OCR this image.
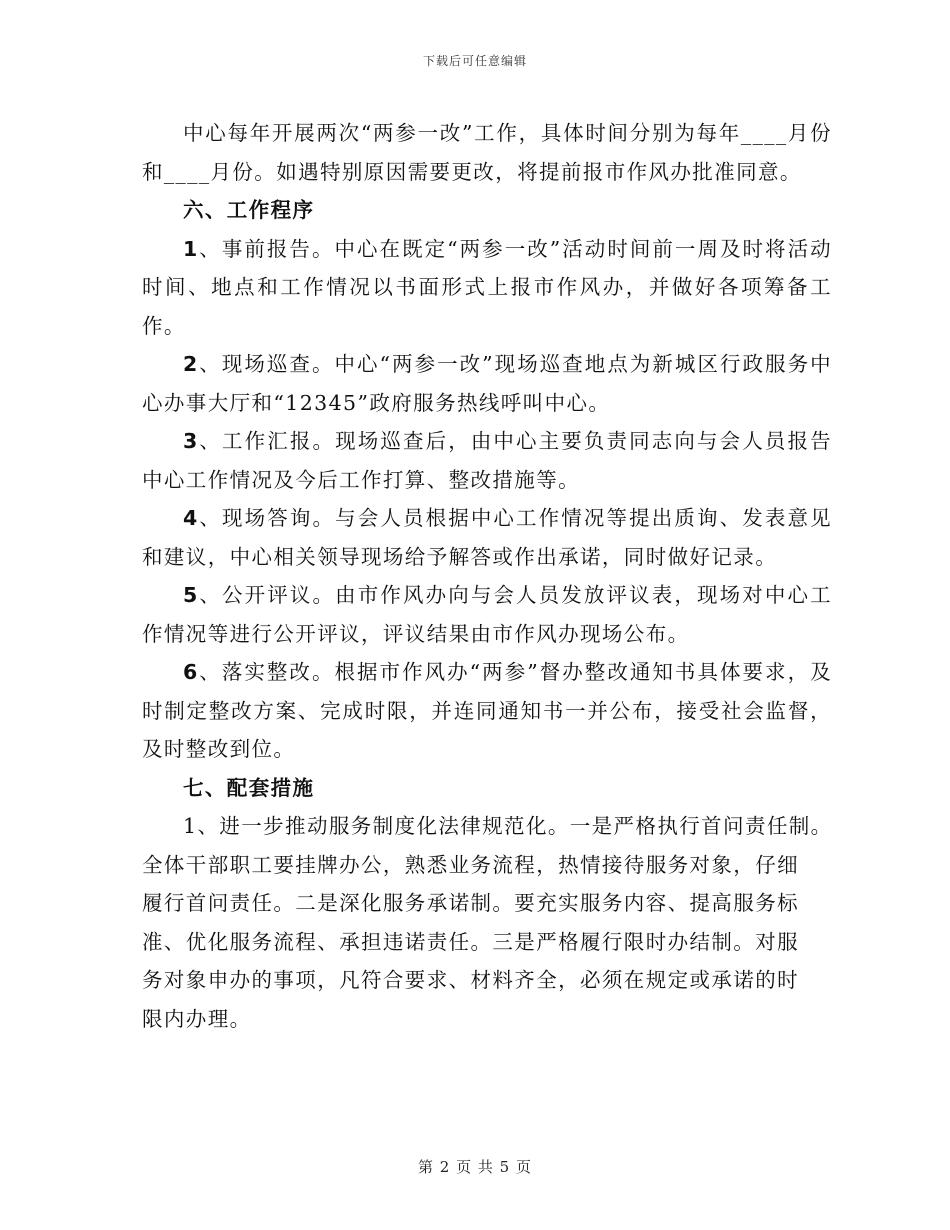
下载后可任意编辑

中心每年开展两次“两参一改”工作，具体时间分别为每年____月份和____月份。如遇特别原因需要更改，将提前报市作风办批准同意。

六、工作程序

1、事前报告。中心在既定“两参一改”活动时间前一周及时将活动时间、地点和工作情况以书面形式上报市作风办，并做好各项筹备工作。

2、现场巡查。中心“两参一改”现场巡查地点为新城区行政服务中心办事大厅和“12345”政府服务热线呼叫中心。

3、工作汇报。现场巡查后，由中心主要负责同志向与会人员报告中心工作情况及今后工作打算、整改措施等。

4、现场答询。与会人员根据中心工作情况等提出质询、发表意见和建议，中心相关领导现场给予解答或作出承诺，同时做好记录。

5、公开评议。由市作风办向与会人员发放评议表，现场对中心工作情况等进行公开评议，评议结果由市作风办现场公布。

6、落实整改。根据市作风办“两参”督办整改通知书具体要求，及时制定整改方案、完成时限，并连同通知书一并公布，接受社会监督，及时整改到位。

七、配套措施

1、进一步推动服务制度化法律规范化。一是严格执行首问责任制。

全体干部职工要挂牌办公，熟悉业务流程，热情接待服务对象，仔细

履行首问责任。二是深化服务承诺制。要充实服务内容、提高服务标

准、优化服务流程、承担违诺责任。三是严格履行限时办结制。对服

务对象申办的事项，凡符合要求、材料齐全，必须在规定或承诺的时

限内办理。

第 2 页 共 5 页
